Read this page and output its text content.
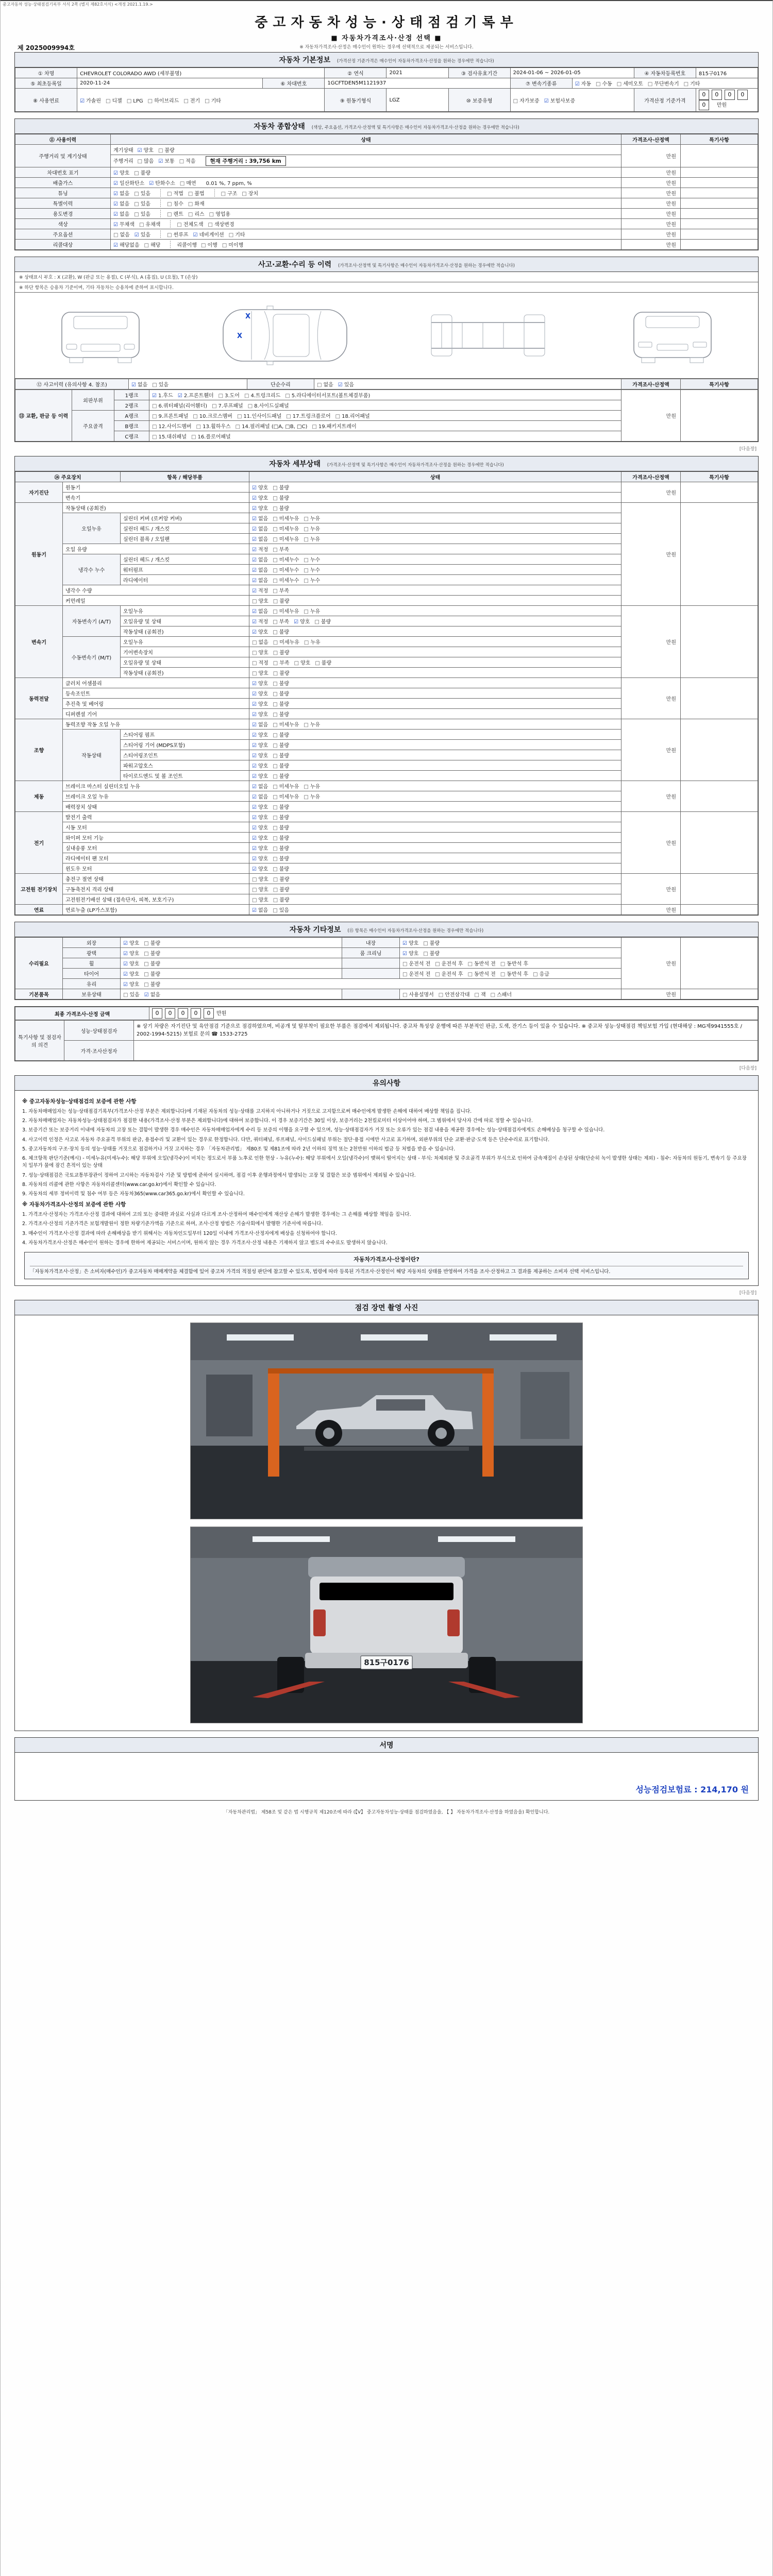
중고자동차 성능·상태점검기록부 서식 2쪽 (별지 제82호서식) <개정 2021.1.19.>
중고자동차성능·상태점검기록부
■ 자동차가격조사·산정 선택 ■
※ 자동차가격조사·산정은 매수인이 원하는 경우에 선택적으로 제공되는 서비스입니다.
제 2025009994호
자동차 기본정보 (가격산정 기준가격은 매수인이 자동차가격조사·산정을 원하는 경우에만 적습니다)
① 차명	CHEVROLET COLORADO AWD (세부불명)		② 연식	2021	③ 검사유효기간	2024-01-06 ~ 2026-01-05		④ 자동차등록번호	815구0176
⑤ 최초등록일	2020-11-24	⑥ 차대번호	1GCFTDEN5M1121937			⑦ 변속기종류	☑ 자동 □ 수동 □ 세미오토 □ 무단변속기 □ 기타		
⑧ 사용연료	☑ 가솔린 □ 디젤 □ LPG □ 하이브리드 □ 전기 □ 기타		⑨ 원동기형식	LGZ	⑩ 보증유형	□ 자가보증 ☑ 보험사보증		가격산정 기준가격	0 0 0 00 만원
자동차 종합상태 (색상, 주요옵션, 가격조사·산정액 및 특기사항은 매수인이 자동차가격조사·산정을 원하는 경우에만 적습니다)
⑪ 사용이력	상태	가격조사·산정액	특기사항
주행거리 및 계기상태	계기상태 ☑ 양호 □ 불량	만원	
	주행거리 □ 많음 ☑ 보통 □ 적음 현재 주행거리 : 39,756 km		
차대번호 표기	☑ 양호 □ 불량	만원	
배출가스	☑ 일산화탄소 ☑ 탄화수소 □ 매연 0.01 %, 7 ppm, %	만원	
튜닝	☑ 없음 □ 있음 □ 적법 □ 불법 □ 구조 □ 장치	만원	
특별이력	☑ 없음 □ 있음 □ 침수 □ 화재	만원	
용도변경	☑ 없음 □ 있음 □ 렌트 □ 리스 □ 영업용	만원	
색상	☑ 무채색 □ 유채색 □ 전체도색 □ 색상변경	만원	
주요옵션	□ 없음 ☑ 있음 □ 썬루프 ☑ 네비게이션 □ 기타	만원	
리콜대상	☑ 해당없음 □ 해당 리콜이행 □ 이행 □ 미이행	만원	
사고·교환·수리 등 이력 (가격조사·산정액 및 특기사항은 매수인이 자동차가격조사·산정을 원하는 경우에만 적습니다)
※ 상태표시 부호 : X (교환), W (판금 또는 용접), C (부식), A (흠집), U (요철), T (손상)
※ 하단 항목은 승용차 기준이며, 기타 자동차는 승용차에 준하여 표시합니다.
X
X
⑫ 사고이력 (유의사항 4. 참조)	☑ 없음 □ 있음	단순수리	□ 없음 ☑ 있음	가격조사·산정액	특기사항
⑬ 교환, 판금 등 이력	외판부위	1랭크	☑ 1.후드 ☑ 2.프론트휀더 □ 3.도어 □ 4.트렁크리드 □ 5.라디에이터서포트(볼트체결부품)	만원	
		2랭크	□ 6.쿼터패널(리어휀더) □ 7.루프패널 □ 8.사이드실패널		
	주요골격	A랭크	□ 9.프론트패널 □ 10.크로스멤버 □ 11.인사이드패널 □ 17.트렁크플로어 □ 18.리어패널		
		B랭크	□ 12.사이드멤버 □ 13.휠하우스 □ 14.필러패널 (□A, □B, □C) □ 19.패키지트레이		
		C랭크	□ 15.대쉬패널 □ 16.플로어패널		
[다음장]
자동차 세부상태 (가격조사·산정액 및 특기사항은 매수인이 자동차가격조사·산정을 원하는 경우에만 적습니다)
⑭ 주요장치		항목 / 해당부품	상태	가격조사·산정액	특기사항
자기진단	원동기		☑ 양호 □ 불량	만원	
	변속기		☑ 양호 □ 불량		
원동기	작동상태 (공회전)		☑ 양호 □ 불량	만원	
	오일누유	실린더 커버 (로커암 커버)	☑ 없음 □ 미세누유 □ 누유		
		실린더 헤드 / 개스킷	☑ 없음 □ 미세누유 □ 누유		
		실린더 블록 / 오일팬	☑ 없음 □ 미세누유 □ 누유		
	오일 유량		☑ 적정 □ 부족		
	냉각수 누수	실린더 헤드 / 개스킷	☑ 없음 □ 미세누수 □ 누수		
		워터펌프	☑ 없음 □ 미세누수 □ 누수		
		라디에이터	☑ 없음 □ 미세누수 □ 누수		
	냉각수 수량		☑ 적정 □ 부족		
	커먼레일		□ 양호 □ 불량		
변속기	자동변속기 (A/T)	오일누유	☑ 없음 □ 미세누유 □ 누유	만원	
		오일유량 및 상태	☑ 적정 □ 부족 ☑ 양호 □ 불량		
		작동상태 (공회전)	☑ 양호 □ 불량		
	수동변속기 (M/T)	오일누유	□ 없음 □ 미세누유 □ 누유		
		기어변속장치	□ 양호 □ 불량		
		오일유량 및 상태	□ 적정 □ 부족 □ 양호 □ 불량		
		작동상태 (공회전)	□ 양호 □ 불량		
동력전달	클러치 어셈블리		☑ 양호 □ 불량	만원	
	등속조인트		☑ 양호 □ 불량		
	추진축 및 베어링		☑ 양호 □ 불량		
	디퍼렌셜 기어		☑ 양호 □ 불량		
조향	동력조향 작동 오일 누유		☑ 없음 □ 미세누유 □ 누유	만원	
	작동상태	스티어링 펌프	☑ 양호 □ 불량		
		스티어링 기어 (MDPS포함)	☑ 양호 □ 불량		
		스티어링조인트	☑ 양호 □ 불량		
		파워고압호스	☑ 양호 □ 불량		
		타이로드엔드 및 볼 조인트	☑ 양호 □ 불량		
제동	브레이크 마스터 실린더오일 누유		☑ 없음 □ 미세누유 □ 누유	만원	
	브레이크 오일 누유		☑ 없음 □ 미세누유 □ 누유		
	배력장치 상태		☑ 양호 □ 불량		
전기	발전기 출력		☑ 양호 □ 불량	만원	
	시동 모터		☑ 양호 □ 불량		
	와이퍼 모터 기능		☑ 양호 □ 불량		
	실내송풍 모터		☑ 양호 □ 불량		
	라디에이터 팬 모터		☑ 양호 □ 불량		
	윈도우 모터		☑ 양호 □ 불량		
고전원 전기장치	충전구 절연 상태		□ 양호 □ 불량	만원	
	구동축전지 격리 상태		□ 양호 □ 불량		
	고전원전기배선 상태 (접속단자, 피복, 보호기구)		□ 양호 □ 불량		
연료	연료누출 (LP가스포함)		☑ 없음 □ 있음	만원	
자동차 기타정보 (⑮ 항목은 매수인이 자동차가격조사·산정을 원하는 경우에만 적습니다)
수리필요	외장	☑ 양호 □ 불량	내장	☑ 양호 □ 불량	만원	
	광택	☑ 양호 □ 불량	룸 크리닝	☑ 양호 □ 불량		
	휠	☑ 양호 □ 불량		□ 운전석 전 □ 운전석 후 □ 동반석 전 □ 동반석 후		
	타이어	☑ 양호 □ 불량		□ 운전석 전 □ 운전석 후 □ 동반석 전 □ 동반석 후 □ 응급		
	유리	☑ 양호 □ 불량				
기본품목	보유상태	□ 있음 ☑ 없음		□ 사용설명서 □ 안전삼각대 □ 잭 □ 스패너	만원	
최종 가격조사·산정 금액	0 0 0 0 0 만원
특기사항 및 점검자의 의견	성능·상태점검자	※ 상기 차량은 자기진단 및 육안점검 기준으로 점검하였으며, 비공개 및 탈부착이 필요한 부품은 점검에서 제외됩니다. 중고차 특성상 운행에 따른 부분적인 판금, 도색, 잔기스 등이 있을 수 있습니다. ※ 중고차 성능·상태점검 책임보험 가입 (현대해상 : MG제9941555호 / 2002-1994-5215) 보험료 문의 ☎ 1533-2725
	가격·조사산정자	
[다음장]
유의사항
※ 중고자동차성능·상태점검의 보증에 관한 사항

1. 자동차매매업자는 성능·상태점검기록부(가격조사·산정 부분은 제외합니다)에 기재된 자동차의 성능·상태를 고지하지 아니하거나 거짓으로 고지함으로써 매수인에게 발생한 손해에 대하여 배상할 책임을 집니다.

2. 자동차매매업자는 자동차성능·상태점검자가 점검한 내용(가격조사·산정 부분은 제외합니다)에 대하여 보증합니다. 이 경우 보증기간은 30일 이상, 보증거리는 2천킬로미터 이상이어야 하며, 그 범위에서 당사자 간에 따로 정할 수 있습니다.

3. 보증기간 또는 보증거리 이내에 자동차의 고장 또는 결함이 발생한 경우 매수인은 자동차매매업자에게 수리 등 보증의 이행을 요구할 수 있으며, 성능·상태점검자가 거짓 또는 오류가 있는 점검 내용을 제공한 경우에는 성능·상태점검자에게도 손해배상을 청구할 수 있습니다.

4. 사고이력 인정은 사고로 자동차 주요골격 부위의 판금, 용접수리 및 교환이 있는 경우로 한정합니다. 다만, 쿼터패널, 루프패널, 사이드실패널 부위는 절단·용접 시에만 사고로 표기하며, 외판부위의 단순 교환·판금·도색 등은 단순수리로 표기합니다.

5. 중고자동차의 구조·장치 등의 성능·상태를 거짓으로 점검하거나 거짓 고지하는 경우 「자동차관리법」 제80조 및 제81조에 따라 2년 이하의 징역 또는 2천만원 이하의 벌금 등 처벌을 받을 수 있습니다.

6. 체크항목 판단기준(예시) - 미세누유(미세누수): 해당 부위에 오일(냉각수)이 비치는 정도로서 부품 노후로 인한 현상 - 누유(누수): 해당 부위에서 오일(냉각수)이 맺혀서 떨어지는 상태 - 부식: 차체외판 및 주요골격 부위가 부식으로 인하여 금속재질이 손상된 상태(단순히 녹이 발생한 상태는 제외) - 침수: 자동차의 원동기, 변속기 등 주요장치 일부가 물에 잠긴 흔적이 있는 상태

7. 성능·상태점검은 국토교통부장관이 정하여 고시하는 자동차검사 기준 및 방법에 준하여 실시하며, 점검 이후 운행과정에서 발생되는 고장 및 결함은 보증 범위에서 제외될 수 있습니다.

8. 자동차의 리콜에 관한 사항은 자동차리콜센터(www.car.go.kr)에서 확인할 수 있습니다.

9. 자동차의 세부 정비이력 및 침수 여부 등은 자동차365(www.car365.go.kr)에서 확인할 수 있습니다.

※ 자동차가격조사·산정의 보증에 관한 사항

1. 가격조사·산정자는 가격조사·산정 결과에 대하여 고의 또는 중대한 과실로 사실과 다르게 조사·산정하여 매수인에게 재산상 손해가 발생한 경우에는 그 손해를 배상할 책임을 집니다.

2. 가격조사·산정의 기준가격은 보험개발원이 정한 차량기준가액을 기준으로 하며, 조사·산정 방법은 기술사회에서 발행한 기준서에 따릅니다.

3. 매수인이 가격조사·산정 결과에 따라 손해배상을 받기 위해서는 자동차인도일부터 120일 이내에 가격조사·산정자에게 배상을 신청하여야 합니다.

4. 자동차가격조사·산정은 매수인이 원하는 경우에 한하여 제공되는 서비스이며, 원하지 않는 경우 가격조사·산정 내용은 기재하지 않고 별도의 수수료도 발생하지 않습니다.

자동차가격조사·산정이란?
「자동차가격조사·산정」은 소비자(매수인)가 중고자동차 매매계약을 체결함에 있어 중고차 가격의 적절성 판단에 참고할 수 있도록, 법령에 따라 등록된 가격조사·산정인이 해당 자동차의 상태를 반영하여 가격을 조사·산정하고 그 결과를 제공하는 소비자 선택 서비스입니다.
[다음장]
점검 장면 촬영 사진
815구0176
서명
성능점검보험료 : 214,170 원
「자동차관리법」 제58조 및 같은 법 시행규칙 제120조에 따라 (【V】 중고자동차성능·상태를 점검하였음을, 【 】 자동차가격조사·산정을 하였음을) 확인합니다.
